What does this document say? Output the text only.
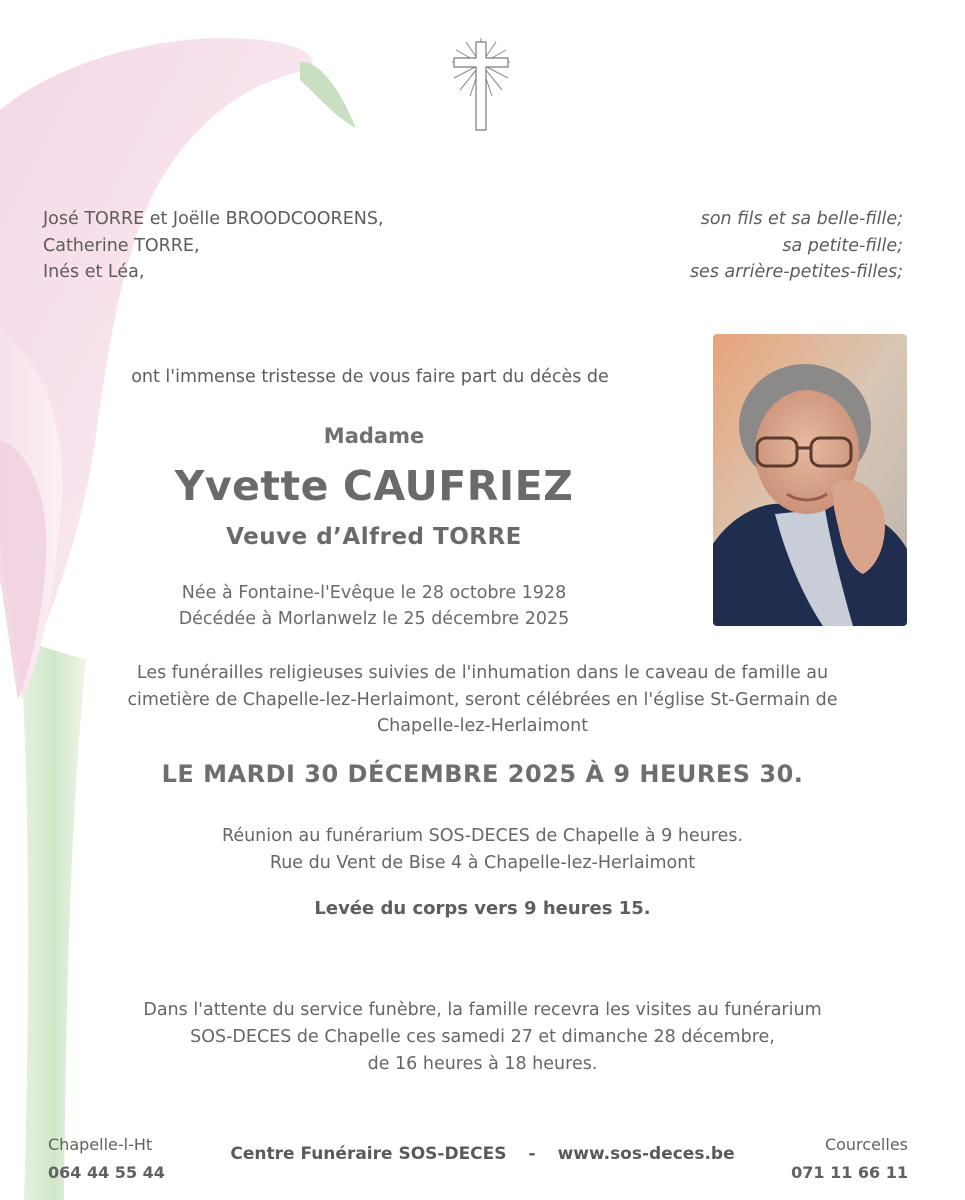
José TORRE et Joëlle BROODCOORENS,
Catherine TORRE,
Inés et Léa,
son fils et sa belle-fille;
sa petite-fille;
ses arrière-petites-filles;
ont l'immense tristesse de vous faire part du décès de
Madame
Yvette CAUFRIEZ
Veuve d’Alfred TORRE
Née à Fontaine-l'Evêque le 28 octobre 1928
Décédée à Morlanwelz le 25 décembre 2025
Les funérailles religieuses suivies de l'inhumation dans le caveau de famille au
cimetière de Chapelle-lez-Herlaimont, seront célébrées en l'église St-Germain de
Chapelle-lez-Herlaimont
LE MARDI 30 DÉCEMBRE 2025 À 9 HEURES 30.
Réunion au funérarium SOS-DECES de Chapelle à 9 heures.
Rue du Vent de Bise 4 à Chapelle-lez-Herlaimont
Levée du corps vers 9 heures 15.
Dans l'attente du service funèbre, la famille recevra les visites au funérarium
SOS-DECES de Chapelle ces samedi 27 et dimanche 28 décembre,
de 16 heures à 18 heures.
Chapelle-l-Ht
064 44 55 44
Centre Funéraire SOS-DECES - www.sos-deces.be	Courcelles
071 11 66 11
